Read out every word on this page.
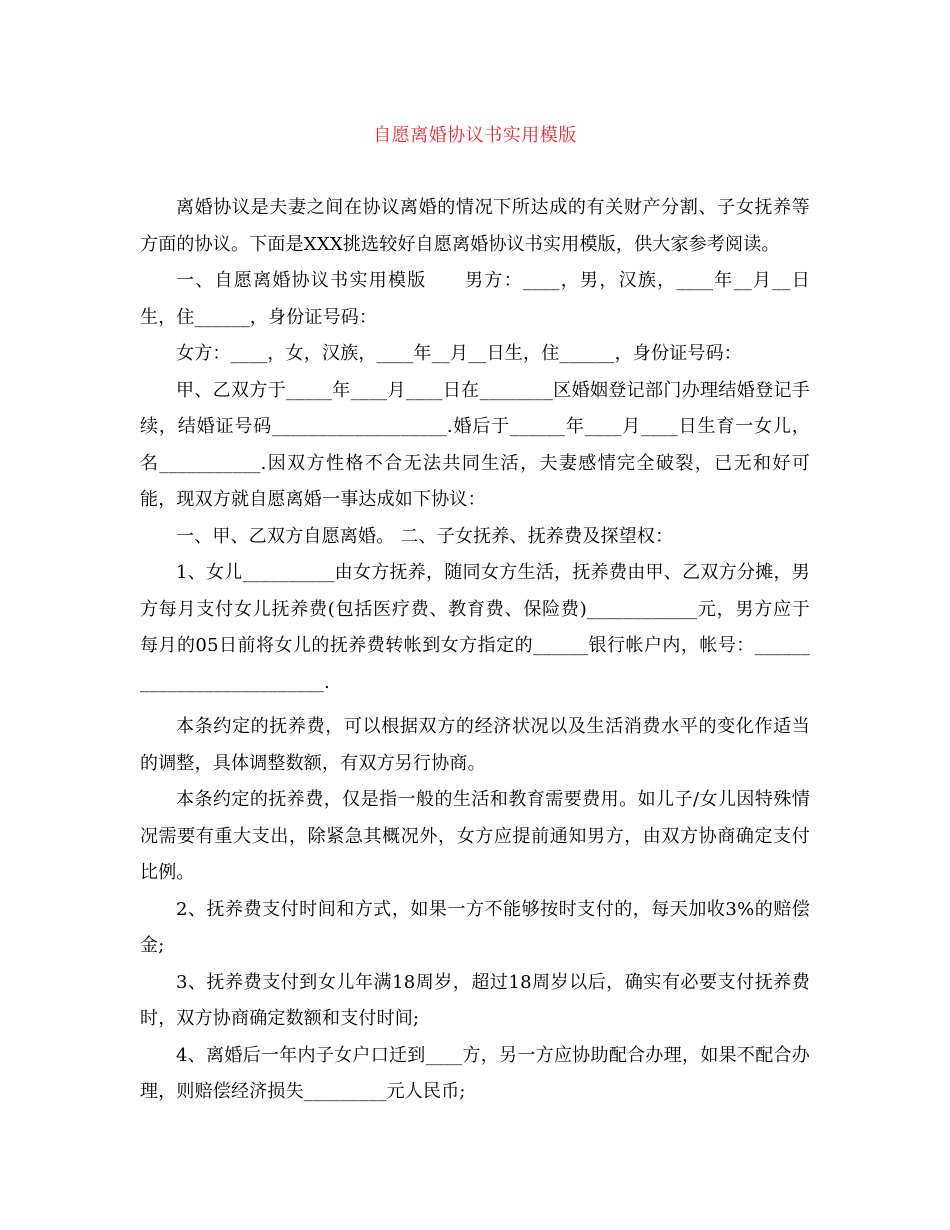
自愿离婚协议书实用模版

离婚协议是夫妻之间在协议离婚的情况下所达成的有关财产分割、子女抚养等方面的协议。下面是XXX挑选较好自愿离婚协议书实用模版，供大家参考阅读。

一、自愿离婚协议书实用模版　　男方：____，男，汉族，____年__月__日生，住______，身份证号码：

女方：____，女，汉族，____年__月__日生，住______，身份证号码：

甲、乙双方于_____年____月____日在________区婚姻登记部门办理结婚登记手续，结婚证号码___________________.婚后于______年____月____日生育一女儿，名___________.因双方性格不合无法共同生活，夫妻感情完全破裂，已无和好可能，现双方就自愿离婚一事达成如下协议：

一、甲、乙双方自愿离婚。 二、子女抚养、抚养费及探望权：

1、女儿__________由女方抚养，随同女方生活，抚养费由甲、乙双方分摊，男方每月支付女儿抚养费(包括医疗费、教育费、保险费)____________元，男方应于每月的05日前将女儿的抚养费转帐到女方指定的______银行帐户内，帐号：__________________________.

本条约定的抚养费，可以根据双方的经济状况以及生活消费水平的变化作适当的调整，具体调整数额，有双方另行协商。

本条约定的抚养费，仅是指一般的生活和教育需要费用。如儿子/女儿因特殊情况需要有重大支出，除紧急其概况外，女方应提前通知男方，由双方协商确定支付比例。

2、抚养费支付时间和方式，如果一方不能够按时支付的，每天加收3%的赔偿金;

3、抚养费支付到女儿年满18周岁，超过18周岁以后，确实有必要支付抚养费时，双方协商确定数额和支付时间;

4、离婚后一年内子女户口迁到____方，另一方应协助配合办理，如果不配合办理，则赔偿经济损失_________元人民币;
